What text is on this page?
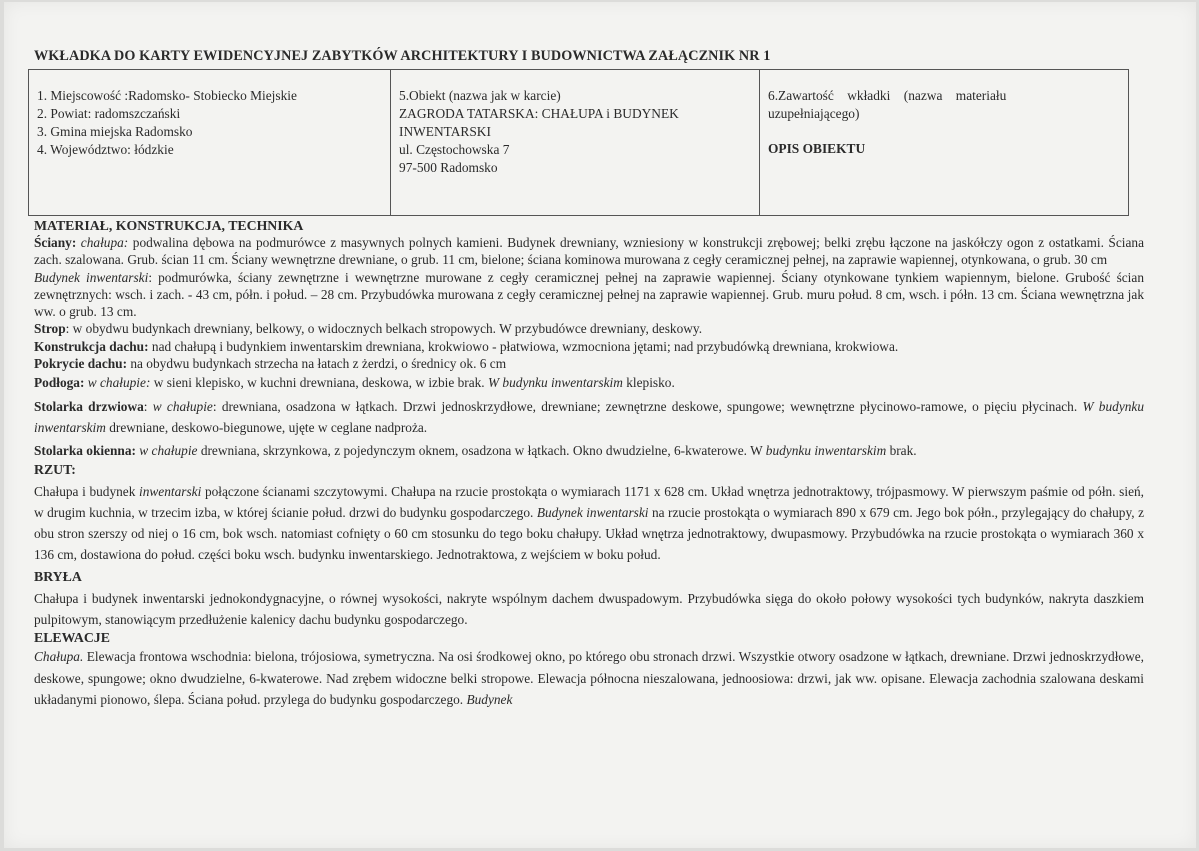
WKŁADKA DO KARTY EWIDENCYJNEJ ZABYTKÓW ARCHITEKTURY I BUDOWNICTWA ZAŁĄCZNIK NR 1
1. Miejscowość :Radomsko- Stobiecko Miejskie
2. Powiat: radomszczański
3. Gmina miejska Radomsko
4. Województwo: łódzkie
5.Obiekt (nazwa jak w karcie)
ZAGRODA TATARSKA: CHAŁUPA i BUDYNEK
INWENTARSKI
ul. Częstochowska 7
97-500 Radomsko
6.Zawartość    wkładki    (nazwa    materiału
uzupełniającego)
OPIS OBIEKTU
MATERIAŁ, KONSTRUKCJA, TECHNIKA
Ściany: chałupa: podwalina dębowa na podmurówce z masywnych polnych kamieni. Budynek drewniany, wzniesiony w konstrukcji zrębowej; belki zrębu łączone na jaskółczy ogon z ostatkami. Ściana zach. szalowana. Grub. ścian 11 cm. Ściany wewnętrzne drewniane, o grub. 11 cm, bielone; ściana kominowa murowana z cegły ceramicznej pełnej, na zaprawie wapiennej, otynkowana, o grub. 30 cm
Budynek inwentarski: podmurówka, ściany zewnętrzne i wewnętrzne murowane z cegły ceramicznej pełnej na zaprawie wapiennej. Ściany otynkowane tynkiem wapiennym, bielone. Grubość ścian zewnętrznych: wsch. i zach. - 43 cm, półn. i połud. – 28 cm. Przybudówka murowana z cegły ceramicznej pełnej na zaprawie wapiennej. Grub. muru połud. 8 cm, wsch. i półn. 13 cm. Ściana wewnętrzna jak ww. o grub. 13 cm.
Strop: w obydwu budynkach drewniany, belkowy, o widocznych belkach stropowych. W przybudówce drewniany, deskowy.
Konstrukcja dachu: nad chałupą i budynkiem inwentarskim drewniana, krokwiowo - płatwiowa, wzmocniona jętami; nad przybudówką drewniana, krokwiowa.
Pokrycie dachu: na obydwu budynkach strzecha na łatach z żerdzi, o średnicy ok. 6 cm
Podłoga: w chałupie: w sieni klepisko, w kuchni drewniana, deskowa, w izbie brak. W budynku inwentarskim klepisko.
Stolarka drzwiowa: w chałupie: drewniana, osadzona w łątkach. Drzwi jednoskrzydłowe, drewniane; zewnętrzne deskowe, spungowe; wewnętrzne płycinowo-ramowe, o pięciu płycinach. W budynku inwentarskim drewniane, deskowo-biegunowe, ujęte w ceglane nadproża.
Stolarka okienna: w chałupie drewniana, skrzynkowa, z pojedynczym oknem, osadzona w łątkach. Okno dwudzielne, 6-kwaterowe. W budynku inwentarskim brak.
RZUT:
Chałupa i budynek inwentarski połączone ścianami szczytowymi. Chałupa na rzucie prostokąta o wymiarach 1171 x 628 cm. Układ wnętrza jednotraktowy, trójpasmowy. W pierwszym paśmie od półn. sień, w drugim kuchnia, w trzecim izba, w której ścianie połud. drzwi do budynku gospodarczego. Budynek inwentarski na rzucie prostokąta o wymiarach 890 x 679 cm. Jego bok półn., przylegający do chałupy, z obu stron szerszy od niej o 16 cm, bok wsch. natomiast cofnięty o 60 cm stosunku do tego boku chałupy. Układ wnętrza jednotraktowy, dwupasmowy. Przybudówka na rzucie prostokąta o wymiarach 360 x 136 cm, dostawiona do połud. części boku wsch. budynku inwentarskiego. Jednotraktowa, z wejściem w boku połud.
BRYŁA
Chałupa i budynek inwentarski jednokondygnacyjne, o równej wysokości, nakryte wspólnym dachem dwuspadowym. Przybudówka sięga do około połowy wysokości tych budynków, nakryta daszkiem pulpitowym, stanowiącym przedłużenie kalenicy dachu budynku gospodarczego.
ELEWACJE
Chałupa. Elewacja frontowa wschodnia: bielona, trójosiowa, symetryczna. Na osi środkowej okno, po którego obu stronach drzwi. Wszystkie otwory osadzone w łątkach, drewniane. Drzwi jednoskrzydłowe, deskowe, spungowe; okno dwudzielne, 6-kwaterowe. Nad zrębem widoczne belki stropowe. Elewacja północna nieszalowana, jednoosiowa: drzwi, jak ww. opisane. Elewacja zachodnia szalowana deskami układanymi pionowo, ślepa. Ściana połud. przylega do budynku gospodarczego. Budynek
